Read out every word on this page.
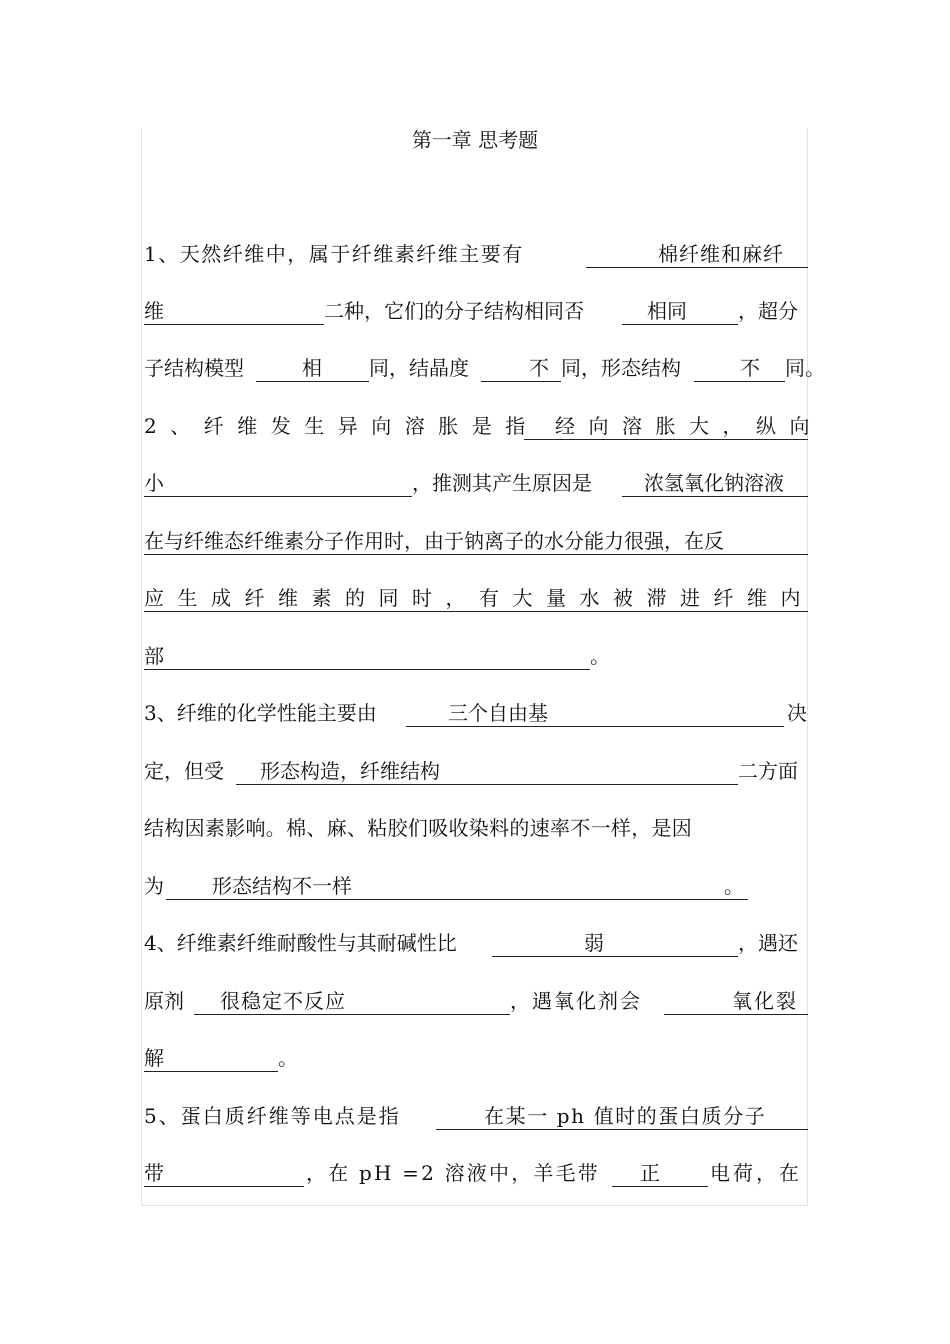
第一章 思考题
1、天然纤维中，属于纤维素纤维主要有	棉纤维和麻纤
维	二种，它们的分子结构相同否	相同	，超分
子结构模型	相 同，结晶度	不 同，形态结构	不 同。
2、纤维发生异向溶胀是指 经向溶胀大，纵向
小	，推测其产生原因是	浓氢氧化钠溶液
在与纤维态纤维素分子作用时，由于钠离子的水分能力很强，在反
应生成纤维素的同时，有大量水被滞进纤维内
部	。
3、纤维的化学性能主要由	三个自由基	决
定，但受 形态构造，纤维结构	二方面
结构因素影响。棉、麻、粘胶们吸收染料的速率不一样，是因
为 形态结构不一样	。
4、纤维素纤维耐酸性与其耐碱性比	弱	，遇还
原剂 很稳定不反应	，遇氧化剂会	氧化裂
解	。
5、蛋白质纤维等电点是指	在某一 ph 值时的蛋白质分子
带	，在 pH =2 溶液中，羊毛带 正	电荷，在
